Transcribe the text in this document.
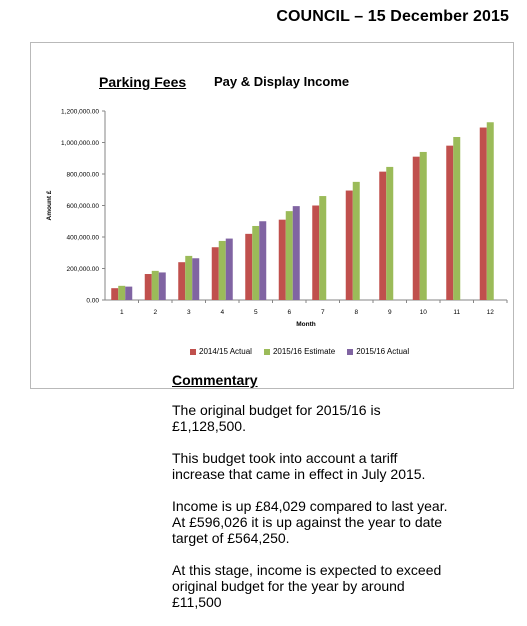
COUNCIL – 15 December 2015
Parking Fees Pay & Display Income
0.00
200,000.00
400,000.00
600,000.00
800,000.00
1,000,000.00
1,200,000.00
Amount £
1	2	3	4	5	6	7	8	9	10	11	12
Month
2014/15 Actual	2015/16 Estimate	2015/16 Actual
Commentary

The original budget for 2015/16 is £1,128,500.

This budget took into account a tariff increase that came in effect in July 2015.

Income is up £84,029 compared to last year. At £596,026 it is up against the year to date target of £564,250.

At this stage, income is expected to exceed original budget for the year by around £11,500
